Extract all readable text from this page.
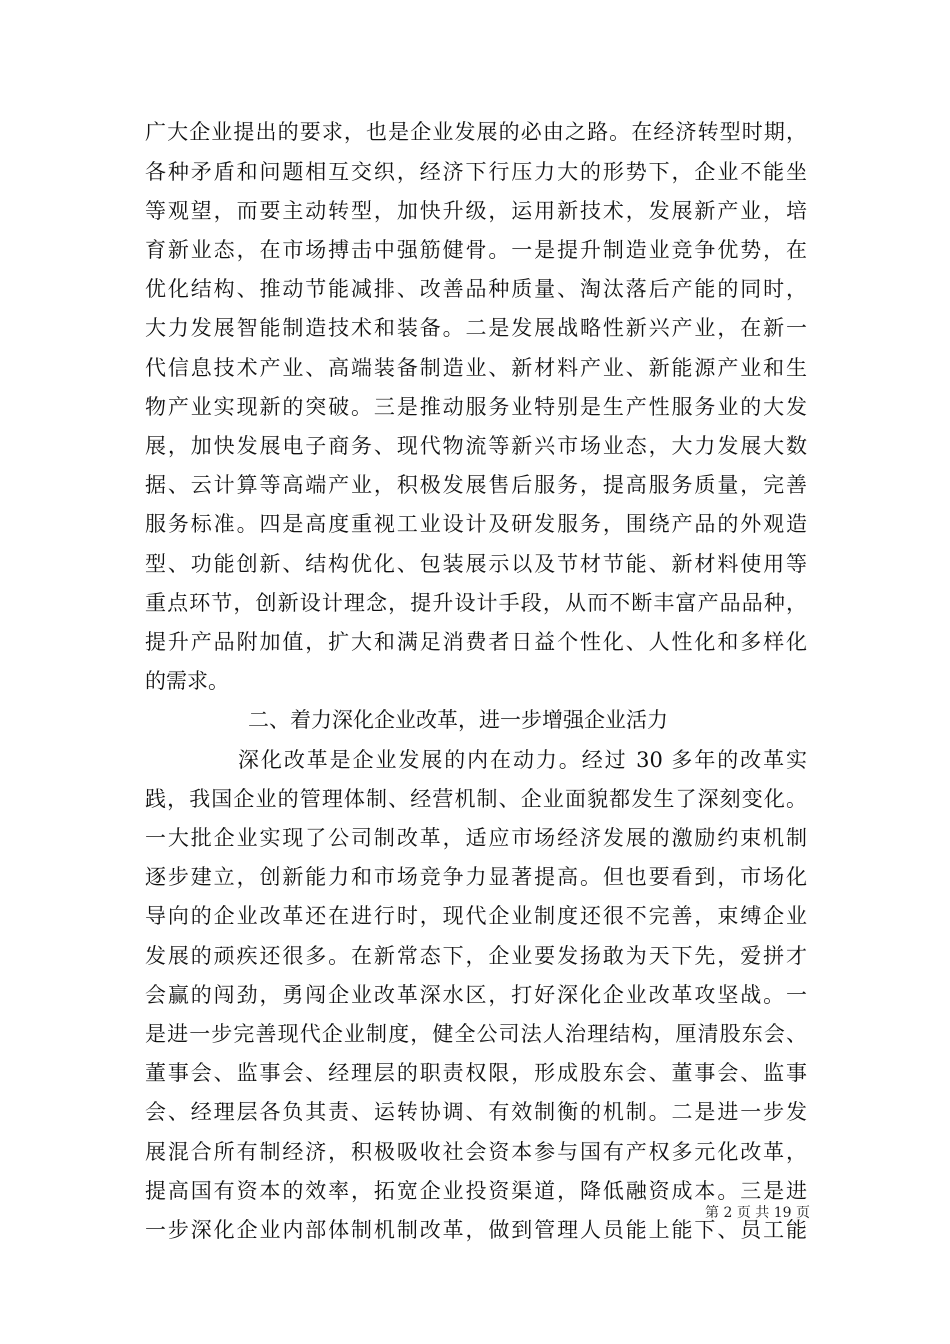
广大企业提出的要求，也是企业发展的必由之路。在经济转型时期，
各种矛盾和问题相互交织，经济下行压力大的形势下，企业不能坐
等观望，而要主动转型，加快升级，运用新技术，发展新产业，培
育新业态，在市场搏击中强筋健骨。一是提升制造业竞争优势，在
优化结构、推动节能减排、改善品种质量、淘汰落后产能的同时，
大力发展智能制造技术和装备。二是发展战略性新兴产业，在新一
代信息技术产业、高端装备制造业、新材料产业、新能源产业和生
物产业实现新的突破。三是推动服务业特别是生产性服务业的大发
展，加快发展电子商务、现代物流等新兴市场业态，大力发展大数
据、云计算等高端产业，积极发展售后服务，提高服务质量，完善
服务标准。四是高度重视工业设计及研发服务，围绕产品的外观造
型、功能创新、结构优化、包装展示以及节材节能、新材料使用等
重点环节，创新设计理念，提升设计手段，从而不断丰富产品品种，
提升产品附加值，扩大和满足消费者日益个性化、人性化和多样化
的需求。
二、着力深化企业改革，进一步增强企业活力
深化改革是企业发展的内在动力。经过 30 多年的改革实
践，我国企业的管理体制、经营机制、企业面貌都发生了深刻变化。
一大批企业实现了公司制改革，适应市场经济发展的激励约束机制
逐步建立，创新能力和市场竞争力显著提高。但也要看到，市场化
导向的企业改革还在进行时，现代企业制度还很不完善，束缚企业
发展的顽疾还很多。在新常态下，企业要发扬敢为天下先，爱拼才
会赢的闯劲，勇闯企业改革深水区，打好深化企业改革攻坚战。一
是进一步完善现代企业制度，健全公司法人治理结构，厘清股东会、
董事会、监事会、经理层的职责权限，形成股东会、董事会、监事
会、经理层各负其责、运转协调、有效制衡的机制。二是进一步发
展混合所有制经济，积极吸收社会资本参与国有产权多元化改革，
提高国有资本的效率，拓宽企业投资渠道，降低融资成本。三是进
一步深化企业内部体制机制改革，做到管理人员能上能下、员工能
第 2 页 共 19 页
